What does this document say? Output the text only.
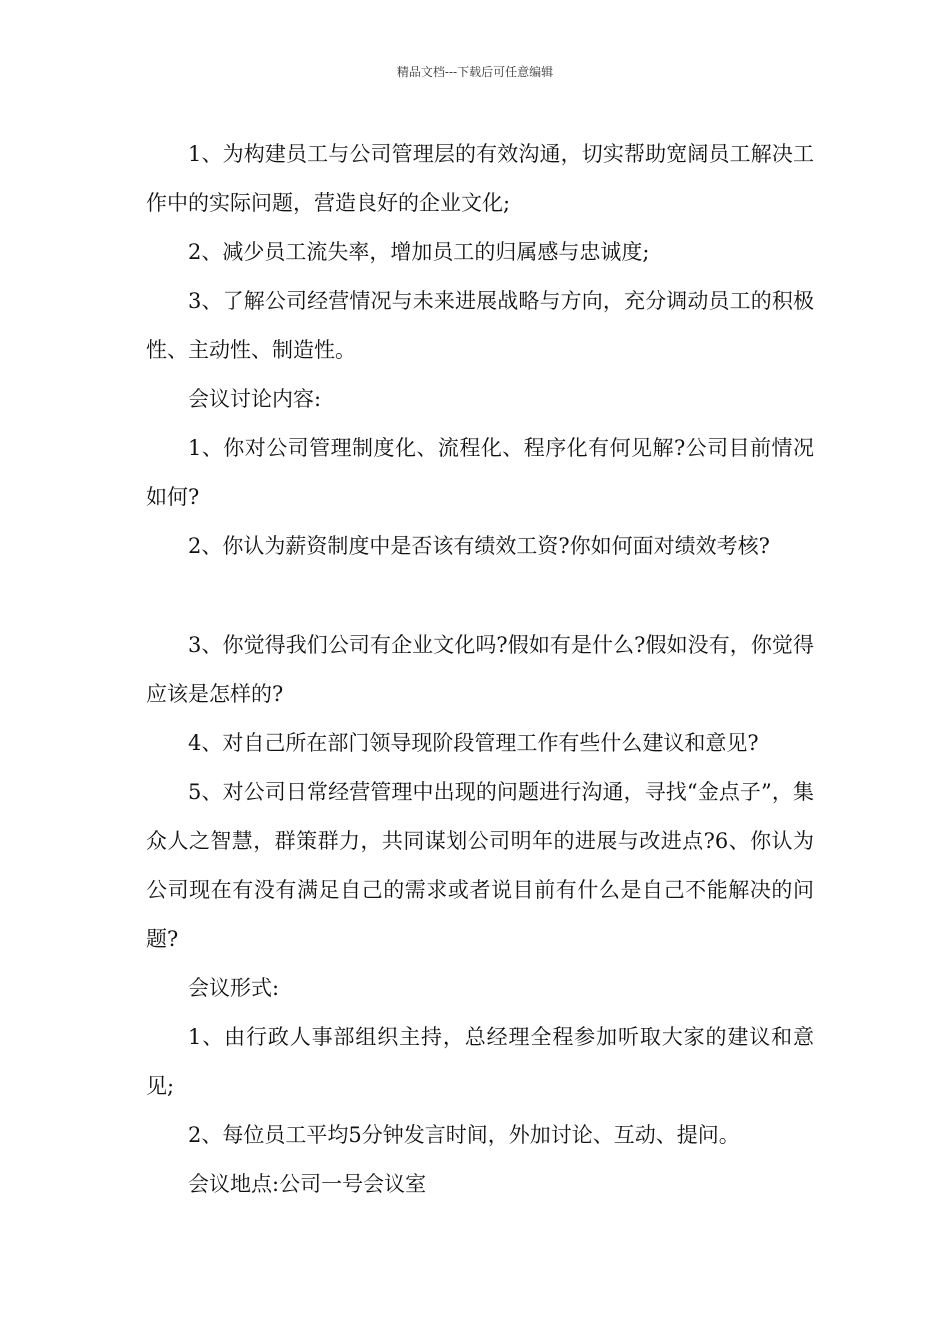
精品文档---下载后可任意编辑

1、为构建员工与公司管理层的有效沟通，切实帮助宽阔员工解决工作中的实际问题，营造良好的企业文化;

2、减少员工流失率，增加员工的归属感与忠诚度;

3、了解公司经营情况与未来进展战略与方向，充分调动员工的积极性、主动性、制造性。

会议讨论内容:

1、你对公司管理制度化、流程化、程序化有何见解?公司目前情况如何?

2、你认为薪资制度中是否该有绩效工资?你如何面对绩效考核?

3、你觉得我们公司有企业文化吗?假如有是什么?假如没有，你觉得应该是怎样的?

4、对自己所在部门领导现阶段管理工作有些什么建议和意见?

5、对公司日常经营管理中出现的问题进行沟通，寻找“金点子”，集众人之智慧，群策群力，共同谋划公司明年的进展与改进点?6、你认为公司现在有没有满足自己的需求或者说目前有什么是自己不能解决的问题?

会议形式:

1、由行政人事部组织主持，总经理全程参加听取大家的建议和意见;

2、每位员工平均5分钟发言时间，外加讨论、互动、提问。

会议地点:公司一号会议室
